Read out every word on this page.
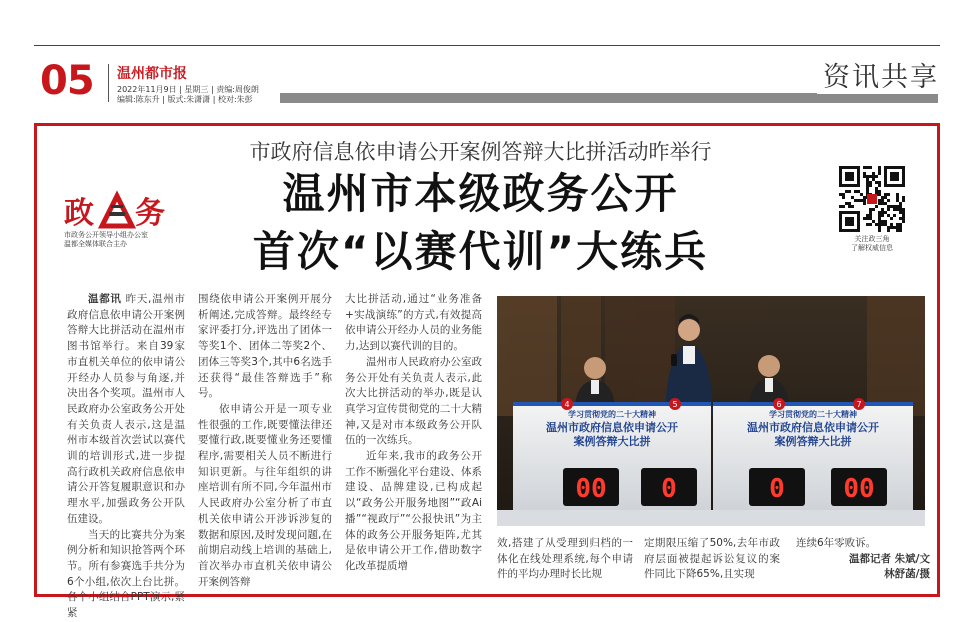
05 温州都市报
2022年11月9日 | 星期三 | 责编:周俊朗
编辑:陈东升 | 版式:朱潇潇 | 校对:朱彭
资讯共享
市政府信息依申请公开案例答辩大比拼活动昨举行
温州市本级政务公开
首次“以赛代训”大练兵
政 务
市政务公开领导小组办公室
温都全媒体联合主办
关注政三角
了解权威信息

温都讯 昨天,温州市政府信息依申请公开案例答辩大比拼活动在温州市图书馆举行。来自39家市直机关单位的依申请公开经办人员参与角逐,并决出各个奖项。温州市人民政府办公室政务公开处有关负责人表示,这是温州市本级首次尝试以赛代训的培训形式,进一步提高行政机关政府信息依申请公开答复履职意识和办理水平,加强政务公开队伍建设。

当天的比赛共分为案例分析和知识抢答两个环节。所有参赛选手共分为6个小组,依次上台比拼。各个小组结合PPT演示,紧紧

围绕依申请公开案例开展分析阐述,完成答辩。最终经专家评委打分,评选出了团体一等奖1个、团体二等奖2个、团体三等奖3个,其中6名选手还获得“最佳答辩选手”称号。

依申请公开是一项专业性很强的工作,既要懂法律还要懂行政,既要懂业务还要懂程序,需要相关人员不断进行知识更新。与往年组织的讲座培训有所不同,今年温州市人民政府办公室分析了市直机关依申请公开涉诉涉复的数据和原因,及时发现问题,在前期启动线上培训的基础上,首次举办市直机关依申请公开案例答辩

大比拼活动,通过“业务准备+实战演练”的方式,有效提高依申请公开经办人员的业务能力,达到以赛代训的目的。

温州市人民政府办公室政务公开处有关负责人表示,此次大比拼活动的举办,既是认真学习宣传贯彻党的二十大精神,又是对市本级政务公开队伍的一次练兵。

近年来,我市的政务公开工作不断强化平台建设、体系建设、品牌建设,已构成起以“政务公开服务地图”“政Ai播”“视政厅”“公报快讯”为主体的政务公开服务矩阵,尤其是依申请公开工作,借助数字化改革提质增

效,搭建了从受理到归档的一体化在线处理系统,每个申请件的平均办理时长比规

定期限压缩了50%,去年市政府层面被提起诉讼复议的案件同比下降65%,且实现

连续6年零败诉。
温都记者 朱斌/文
林舒菡/摄
学习贯彻党的二十大精神
温州市政府信息依申请公开
案例答辩大比拼
学习贯彻党的二十大精神
温州市政府信息依申请公开
案例答辩大比拼
4	5	6	7
00 0	0 00
